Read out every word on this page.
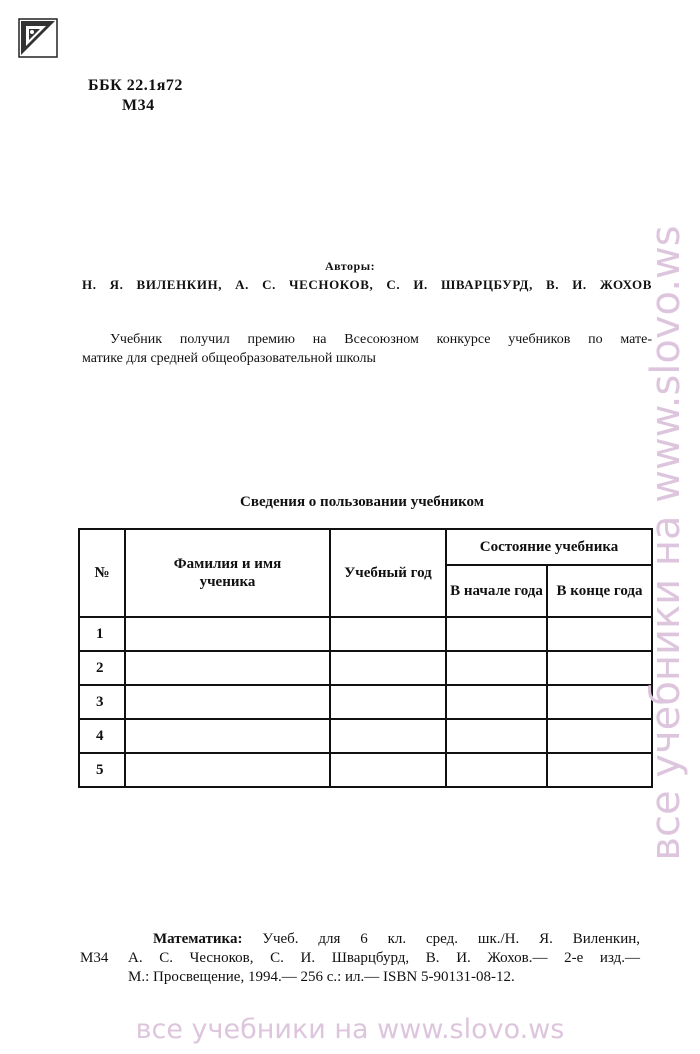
ББК 22.1я72
М34
Авторы:
Н. Я. ВИЛЕНКИН, А. С. ЧЕСНОКОВ, С. И. ШВАРЦБУРД, В. И. ЖОХОВ
Учебник получил премию на Всесоюзном конкурсе учебников по мате-
матике для средней общеобразовательной школы
Сведения о пользовании учебником
№	Фамилия и имя ученика	Учебный год	Состояние учебника	
			В начале года	В конце года
1				
2				
3				
4				
5					все учебники на www.slovo.ws
Математика: Учеб. для 6 кл. сред. шк./Н. Я. Виленкин,
М34 А. С. Чесноков, С. И. Шварцбурд, В. И. Жохов.— 2-е изд.—
М.: Просвещение, 1994.— 256 с.: ил.— ISBN 5-90131-08-12.
все учебники на www.slovo.ws
